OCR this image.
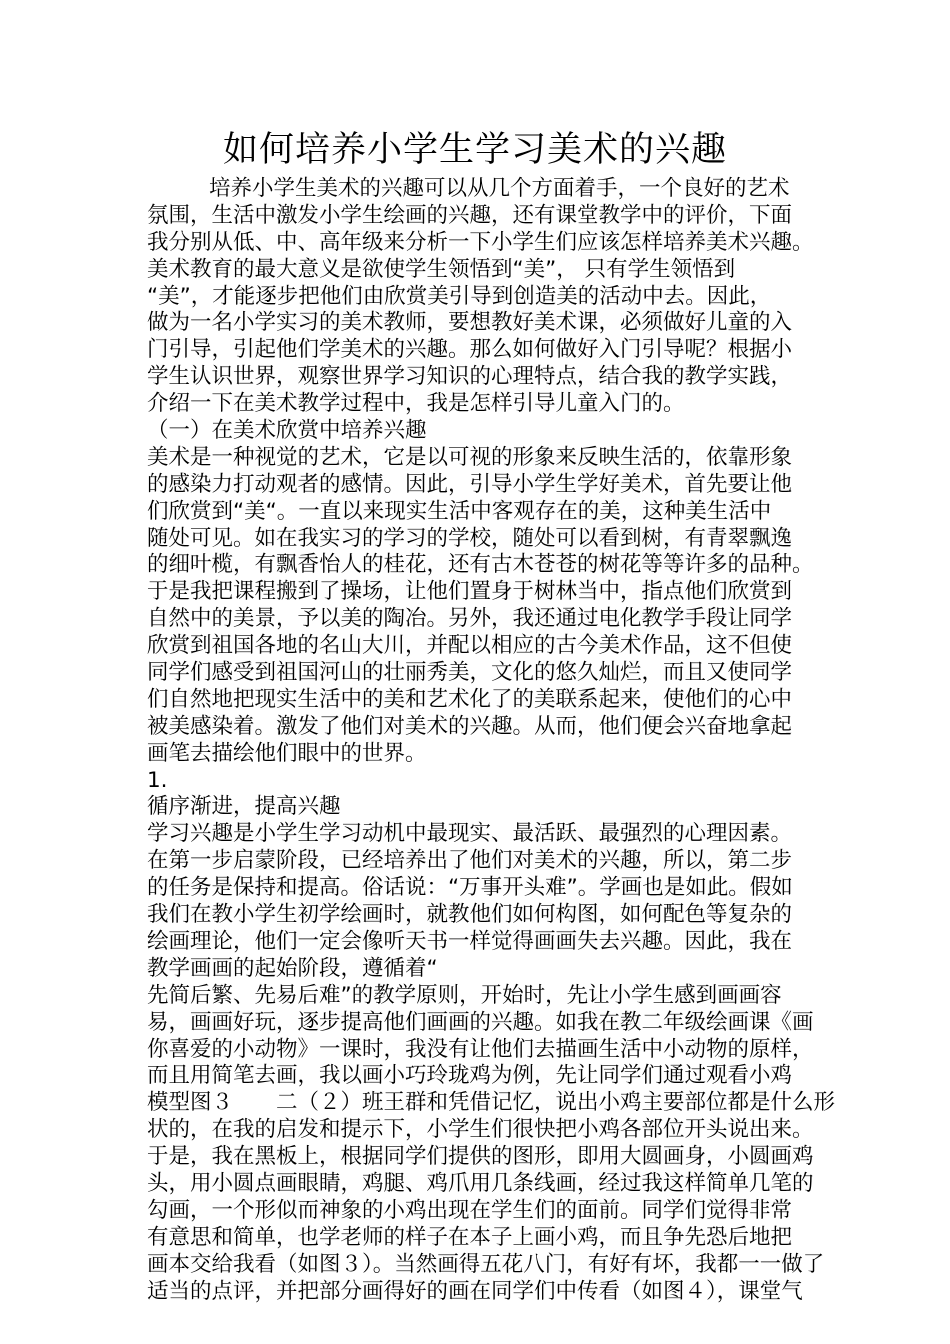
如何培养小学生学习美术的兴趣
培养小学生美术的兴趣可以从几个方面着手，一个良好的艺术
氛围，生活中激发小学生绘画的兴趣，还有课堂教学中的评价，下面
我分别从低、中、高年级来分析一下小学生们应该怎样培养美术兴趣。
美术教育的最大意义是欲使学生领悟到“美”， 只有学生领悟到
“美”，才能逐步把他们由欣赏美引导到创造美的活动中去。因此，
做为一名小学实习的美术教师，要想教好美术课，必须做好儿童的入
门引导，引起他们学美术的兴趣。那么如何做好入门引导呢？根据小
学生认识世界，观察世界学习知识的心理特点，结合我的教学实践，
介绍一下在美术教学过程中，我是怎样引导儿童入门的。
（一）在美术欣赏中培养兴趣
美术是一种视觉的艺术，它是以可视的形象来反映生活的，依靠形象
的感染力打动观者的感情。因此，引导小学生学好美术，首先要让他
们欣赏到“美“。一直以来现实生活中客观存在的美，这种美生活中
随处可见。如在我实习的学习的学校，随处可以看到树，有青翠飘逸
的细叶榄，有飘香怡人的桂花，还有古木苍苍的树花等等许多的品种。
于是我把课程搬到了操场，让他们置身于树林当中，指点他们欣赏到
自然中的美景，予以美的陶冶。另外，我还通过电化教学手段让同学
欣赏到祖国各地的名山大川，并配以相应的古今美术作品，这不但使
同学们感受到祖国河山的壮丽秀美，文化的悠久灿烂，而且又使同学
们自然地把现实生活中的美和艺术化了的美联系起来，使他们的心中
被美感染着。激发了他们对美术的兴趣。从而，他们便会兴奋地拿起
画笔去描绘他们眼中的世界。
1.
循序渐进，提高兴趣
学习兴趣是小学生学习动机中最现实、最活跃、最强烈的心理因素。
在第一步启蒙阶段，已经培养出了他们对美术的兴趣，所以，第二步
的任务是保持和提高。俗话说：“万事开头难”。学画也是如此。假如
我们在教小学生初学绘画时，就教他们如何构图，如何配色等复杂的
绘画理论，他们一定会像听天书一样觉得画画失去兴趣。因此，我在
教学画画的起始阶段，遵循着“
先简后繁、先易后难”的教学原则，开始时，先让小学生感到画画容
易，画画好玩，逐步提高他们画画的兴趣。如我在教二年级绘画课《画
你喜爱的小动物》一课时，我没有让他们去描画生活中小动物的原样，
而且用简笔去画，我以画小巧玲珑鸡为例，先让同学们通过观看小鸡
模型图３　　二（２）班王群和凭借记忆，说出小鸡主要部位都是什么形
状的，在我的启发和提示下，小学生们很快把小鸡各部位开头说出来。
于是，我在黑板上，根据同学们提供的图形，即用大圆画身，小圆画鸡
头，用小圆点画眼睛，鸡腿、鸡爪用几条线画，经过我这样简单几笔的
勾画，一个形似而神象的小鸡出现在学生们的面前。同学们觉得非常
有意思和简单，也学老师的样子在本子上画小鸡，而且争先恐后地把
画本交给我看（如图３）。当然画得五花八门，有好有坏，我都一一做了
适当的点评，并把部分画得好的画在同学们中传看（如图４），课堂气
